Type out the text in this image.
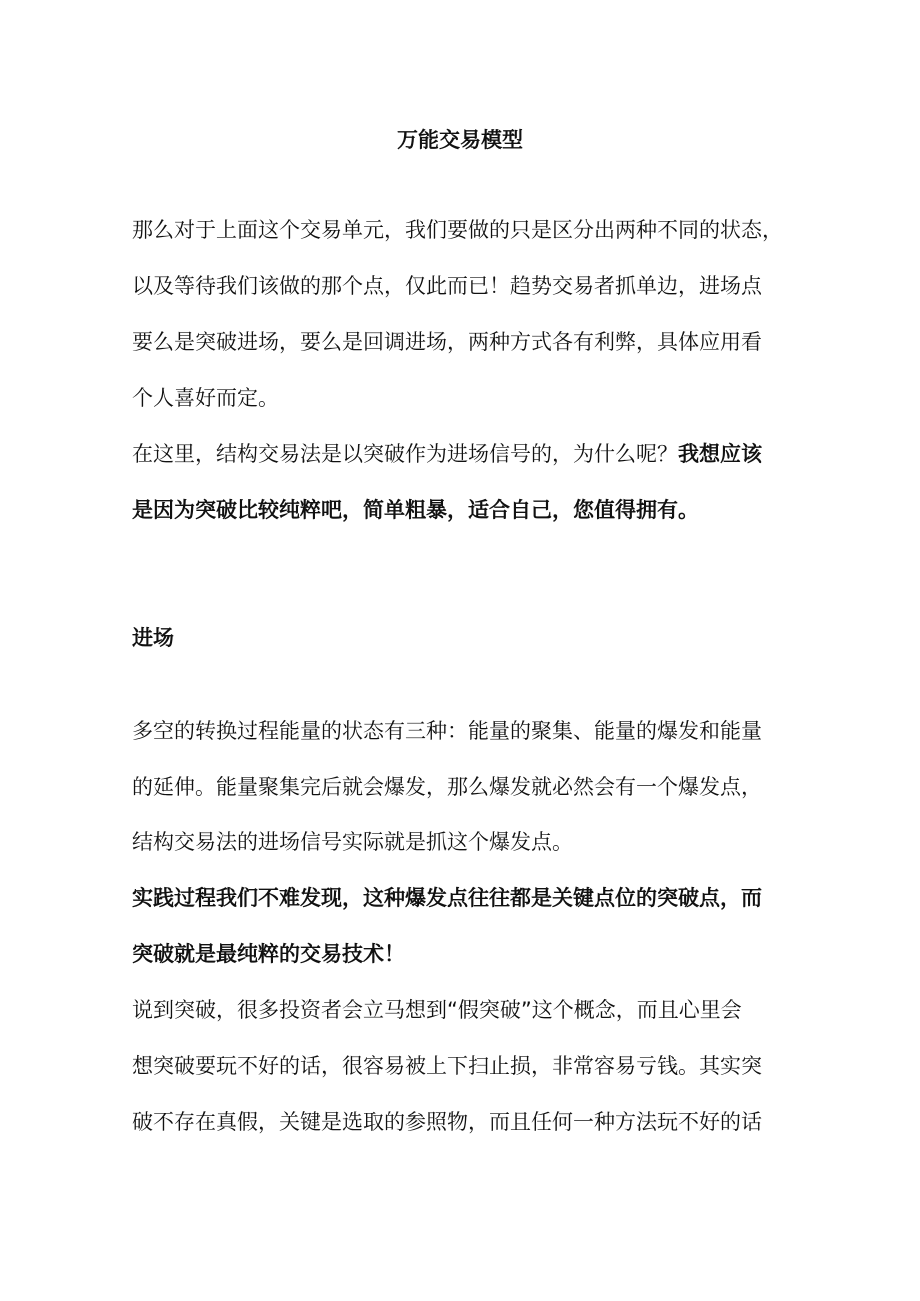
万能交易模型
那么对于上面这个交易单元，我们要做的只是区分出两种不同的状态，
以及等待我们该做的那个点，仅此而已！趋势交易者抓单边，进场点
要么是突破进场，要么是回调进场，两种方式各有利弊，具体应用看
个人喜好而定。
在这里，结构交易法是以突破作为进场信号的，为什么呢？我想应该
是因为突破比较纯粹吧，简单粗暴，适合自己，您值得拥有。
进场
多空的转换过程能量的状态有三种：能量的聚集、能量的爆发和能量
的延伸。能量聚集完后就会爆发，那么爆发就必然会有一个爆发点，
结构交易法的进场信号实际就是抓这个爆发点。
实践过程我们不难发现，这种爆发点往往都是关键点位的突破点，而
突破就是最纯粹的交易技术！
说到突破，很多投资者会立马想到“假突破”这个概念，而且心里会
想突破要玩不好的话，很容易被上下扫止损，非常容易亏钱。其实突
破不存在真假，关键是选取的参照物，而且任何一种方法玩不好的话
